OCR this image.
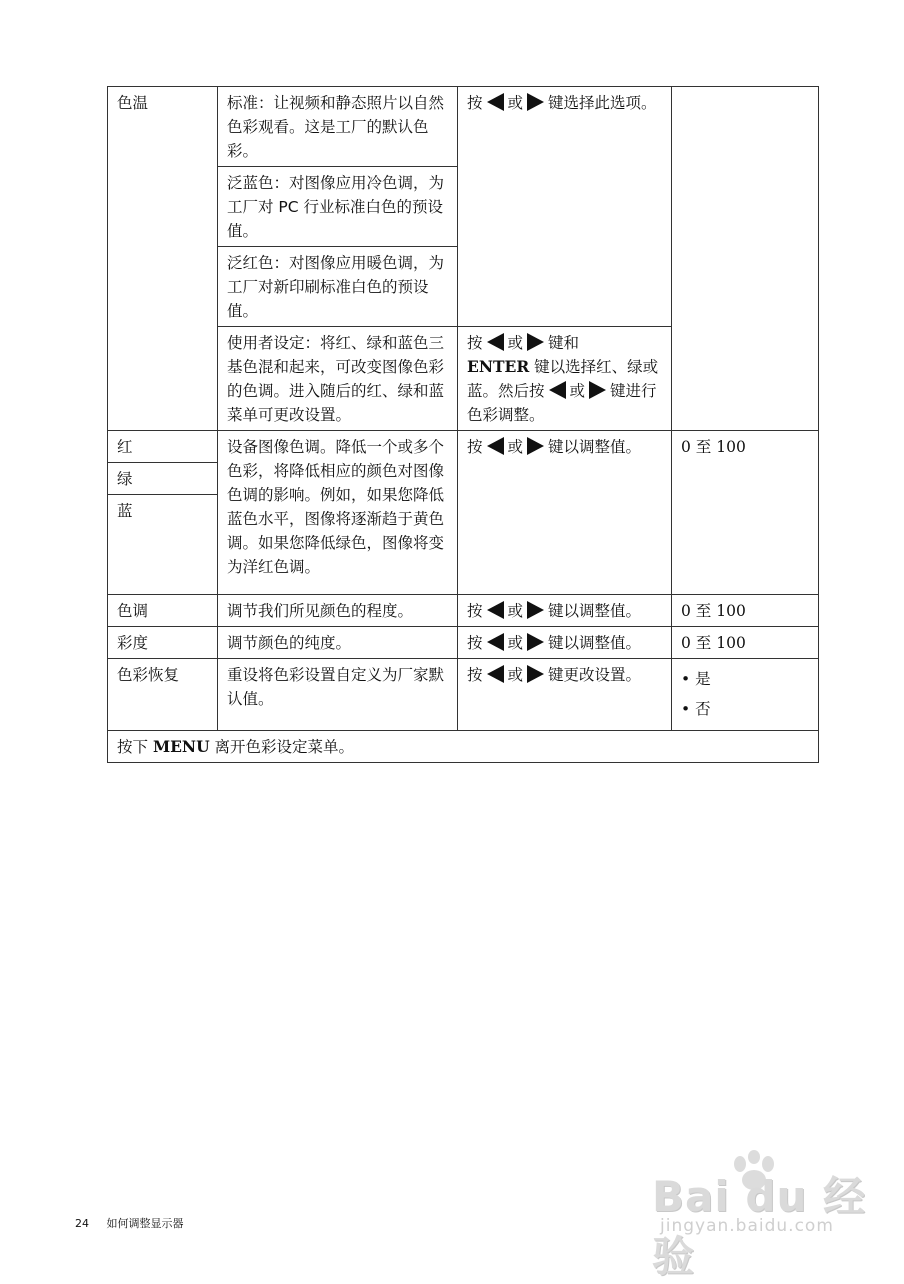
色温	标准：让视频和静态照片以自然色彩观看。这是工厂的默认色彩。	按 或 键选择此选项。	
	泛蓝色：对图像应用冷色调，为工厂对 PC 行业标准白色的预设值。		
	泛红色：对图像应用暖色调，为工厂对新印刷标准白色的预设值。		
	使用者设定：将红、绿和蓝色三基色混和起来，可改变图像色彩的色调。进入随后的红、绿和蓝菜单可更改设置。	按 或 键和
ENTER 键以选择红、绿或蓝。然后按 或 键进行色彩调整。	
红	设备图像色调。降低一个或多个色彩，将降低相应的颜色对图像色调的影响。例如，如果您降低蓝色水平，图像将逐渐趋于黄色调。如果您降低绿色，图像将变为洋红色调。	按 或 键以调整值。	0 至 100
绿			
蓝			
色调	调节我们所见颜色的程度。	按 或 键以调整值。	0 至 100
彩度	调节颜色的纯度。	按 或 键以调整值。	0 至 100
色彩恢复	重设将色彩设置自定义为厂家默认值。	按 或 键更改设置。	• 是
• 否

按下 MENU 离开色彩设定菜单。			
24 如何调整显示器
Bai du 经验
jingyan.baidu.com
